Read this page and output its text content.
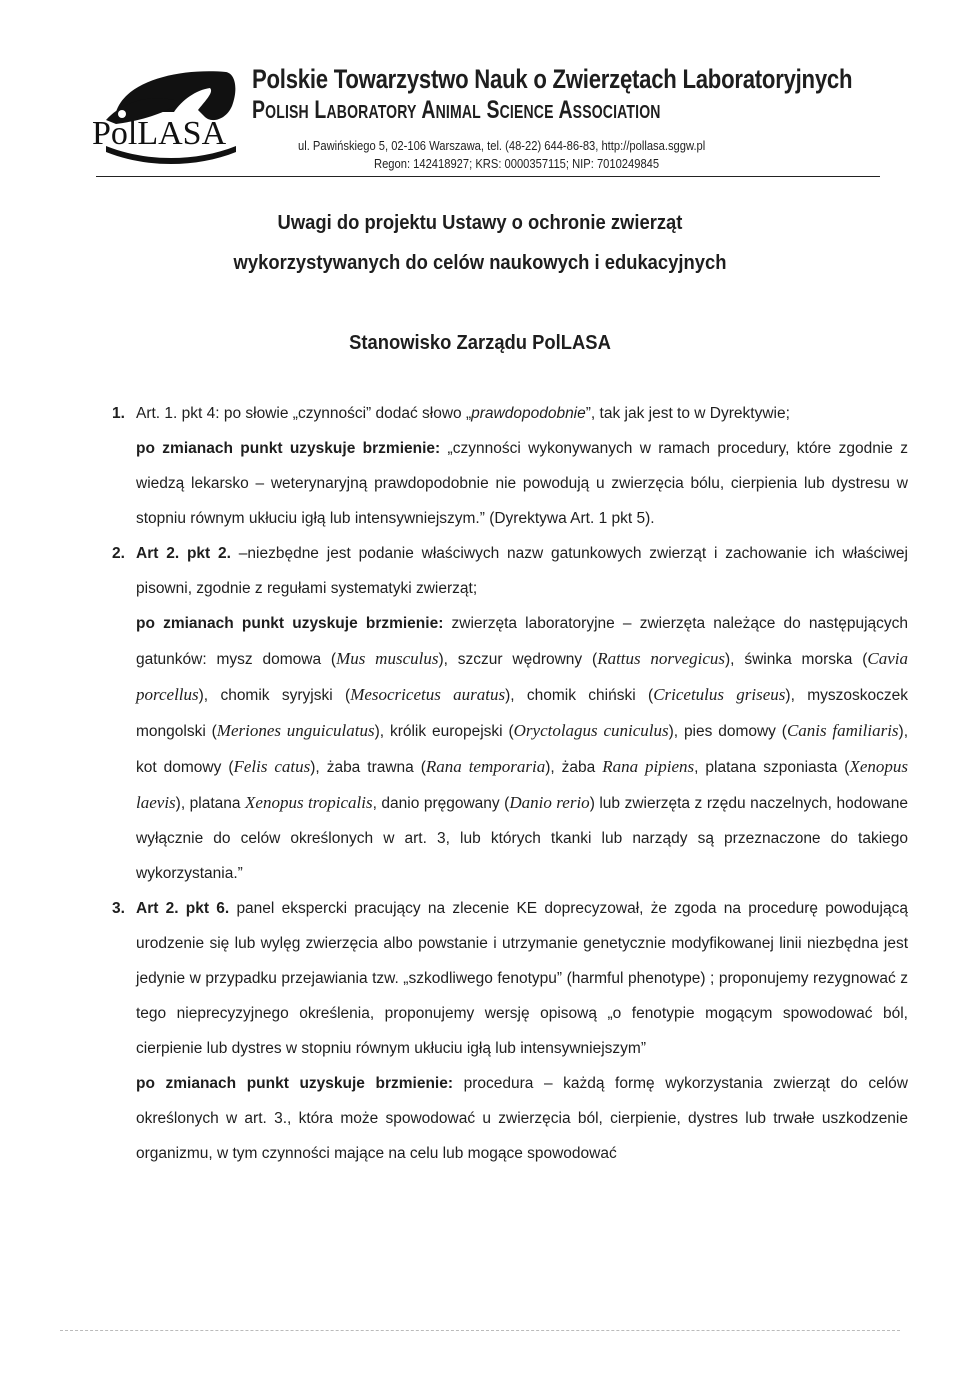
PolLASA
Polskie Towarzystwo Nauk o Zwierzętach Laboratoryjnych
Polish Laboratory Animal Science Association
ul. Pawińskiego 5, 02-106 Warszawa, tel. (48-22) 644-86-83, http://pollasa.sggw.pl
Regon: 142418927; KRS: 0000357115; NIP: 7010249845
Uwagi do projektu Ustawy o ochronie zwierząt
wykorzystywanych do celów naukowych i edukacyjnych
Stanowisko Zarządu PolLASA
1. Art. 1. pkt 4: po słowie „czynności” dodać słowo „prawdopodobnie”, tak jak jest to w Dyrektywie;

po zmianach punkt uzyskuje brzmienie: „czynności wykonywanych w ramach procedury, które zgodnie z wiedzą lekarsko – weterynaryjną prawdopodobnie nie powodują u zwierzęcia bólu, cierpienia lub dystresu w stopniu równym ukłuciu igłą lub intensywniejszym.” (Dyrektywa Art. 1 pkt 5).

2. Art 2. pkt 2. –niezbędne jest podanie właściwych nazw gatunkowych zwierząt i zachowanie ich właściwej pisowni, zgodnie z regułami systematyki zwierząt;

po zmianach punkt uzyskuje brzmienie: zwierzęta laboratoryjne – zwierzęta należące do następujących gatunków: mysz domowa (Mus musculus), szczur wędrowny (Rattus norvegicus), świnka morska (Cavia porcellus), chomik syryjski (Mesocricetus auratus), chomik chiński (Cricetulus griseus), myszoskoczek mongolski (Meriones unguiculatus), królik europejski (Oryctolagus cuniculus), pies domowy (Canis familiaris), kot domowy (Felis catus), żaba trawna (Rana temporaria), żaba Rana pipiens, platana szponiasta (Xenopus laevis), platana Xenopus tropicalis, danio pręgowany (Danio rerio) lub zwierzęta z rzędu naczelnych, hodowane wyłącznie do celów określonych w art. 3, lub których tkanki lub narządy są przeznaczone do takiego wykorzystania.”

3. Art 2. pkt 6. panel ekspercki pracujący na zlecenie KE doprecyzował, że zgoda na procedurę powodującą urodzenie się lub wylęg zwierzęcia albo powstanie i utrzymanie genetycznie modyfikowanej linii niezbędna jest jedynie w przypadku przejawiania tzw. „szkodliwego fenotypu” (harmful phenotype) ; proponujemy rezygnować z tego nieprecyzyjnego określenia, proponujemy wersję opisową „o fenotypie mogącym spowodować ból, cierpienie lub dystres w stopniu równym ukłuciu igłą lub intensywniejszym”

po zmianach punkt uzyskuje brzmienie: procedura – każdą formę wykorzystania zwierząt do celów określonych w art. 3., która może spowodować u zwierzęcia ból, cierpienie, dystres lub trwałe uszkodzenie organizmu, w tym czynności mające na celu lub mogące spowodować
